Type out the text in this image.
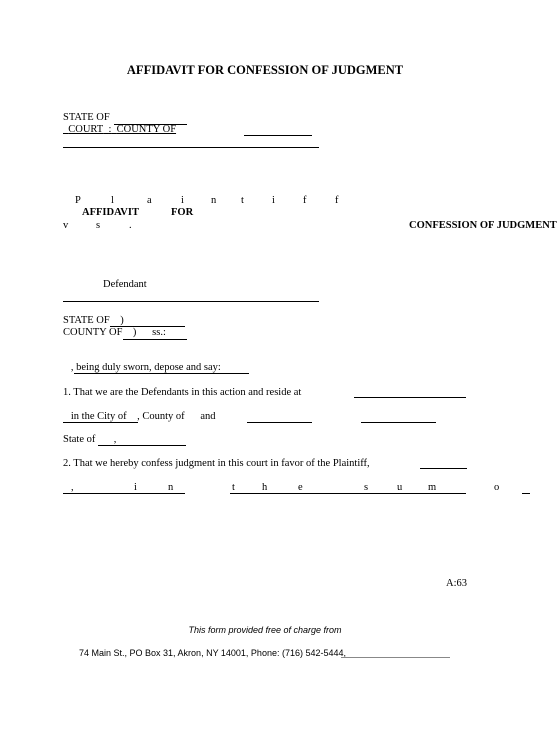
AFFIDAVIT FOR CONFESSION OF JUDGMENT
STATE OF
COURT : COUNTY OF
P	l	a	i	n t	i	f	f
AFFIDAVIT	FOR
v	s	.	CONFESSION OF JUDGMENT
Defendant
STATE OF )
COUNTY OF ) ss.:
, being duly sworn, depose and say:
1. That we are the Defendants in this action and reside at
in the City of , County of and
State of ,
2. That we hereby confess judgment in this court in favor of the Plaintiff,
,	i	n	t	h	e	s	u m	o
A:63
This form provided free of charge from
74 Main St., PO Box 31, Akron, NY 14001, Phone: (716) 542-5444,
